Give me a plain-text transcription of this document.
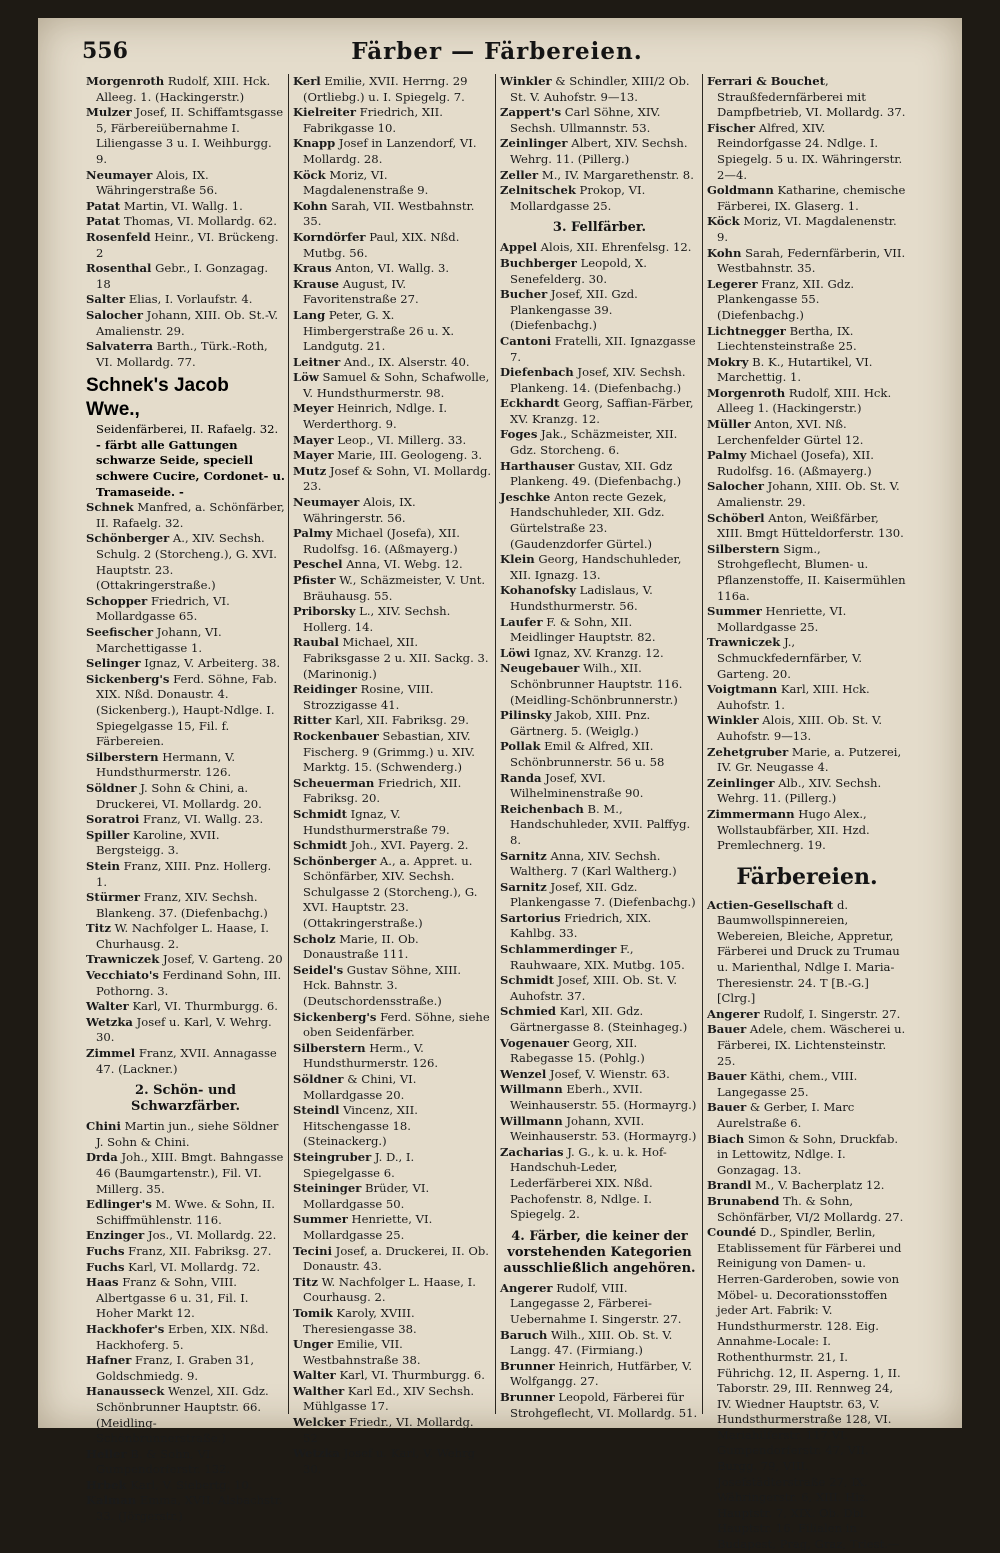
556	Färber — Färbereien.
Morgenroth Rudolf, XIII. Hck. Alleeg. 1. (Hackingerstr.)
Mulzer Josef, II. Schiffamtsgasse 5, Färbereiübernahme I. Liliengasse 3 u. I. Weihburgg. 9.
Neumayer Alois, IX. Währingerstraße 56.
Patat Martin, VI. Wallg. 1.
Patat Thomas, VI. Mollardg. 62.
Rosenfeld Heinr., VI. Brückeng. 2
Rosenthal Gebr., I. Gonzagag. 18
Salter Elias, I. Vorlaufstr. 4.
Salocher Johann, XIII. Ob. St.-V. Amalienstr. 29.
Salvaterra Barth., Türk.-Roth, VI. Mollardg. 77.
Schnek's Jacob Wwe.,
Seidenfärberei, II. Rafaelg. 32.
- färbt alle Gattungen schwarze Seide, speciell schwere Cucire, Cordonet- u. Tramaseide. -
Schnek Manfred, a. Schönfärber, II. Rafaelg. 32.
Schönberger A., XIV. Sechsh. Schulg. 2 (Storcheng.), G. XVI. Hauptstr. 23. (Ottakringerstraße.)
Schopper Friedrich, VI. Mollardgasse 65.
Seefischer Johann, VI. Marchettigasse 1.
Selinger Ignaz, V. Arbeiterg. 38.
Sickenberg's Ferd. Söhne, Fab. XIX. Nßd. Donaustr. 4. (Sickenberg.), Haupt-Ndlge. I. Spiegelgasse 15, Fil. f. Färbereien.
Silberstern Hermann, V. Hundsthurmerstr. 126.
Söldner J. Sohn & Chini, a. Druckerei, VI. Mollardg. 20.
Soratroi Franz, VI. Wallg. 23.
Spiller Karoline, XVII. Bergsteigg. 3.
Stein Franz, XIII. Pnz. Hollerg. 1.
Stürmer Franz, XIV. Sechsh. Blankeng. 37. (Diefenbachg.)
Titz W. Nachfolger L. Haase, I. Churhausg. 2.
Trawniczek Josef, V. Garteng. 20
Vecchiato's Ferdinand Sohn, III. Pothorng. 3.
Walter Karl, VI. Thurmburgg. 6.
Wetzka Josef u. Karl, V. Wehrg. 30.
Zimmel Franz, XVII. Annagasse 47. (Lackner.)
2. Schön- und Schwarzfärber.
Chini Martin jun., siehe Söldner J. Sohn & Chini.
Drda Joh., XIII. Bmgt. Bahngasse 46 (Baumgartenstr.), Fil. VI. Millerg. 35.
Edlinger's M. Wwe. & Sohn, II. Schiffmühlenstr. 116.
Enzinger Jos., VI. Mollardg. 22.
Fuchs Franz, XII. Fabriksg. 27.
Fuchs Karl, VI. Mollardg. 72.
Haas Franz & Sohn, VIII. Albertgasse 6 u. 31, Fil. I. Hoher Markt 12.
Hackhofer's Erben, XIX. Nßd. Hackhoferg. 5.
Hafner Franz, I. Graben 31, Goldschmiedg. 9.
Hanausseck Wenzel, XII. Gdz. Schönbrunner Hauptstr. 66. (Meidling-Schönbrunnerstraße.)
Heller B. & Sohn, VI. Gumpendorferstr. 132.
Hrbek Karl, V. Siebertg. 10.
Kalman Emma, XVII. Alsbachstr. 33. (Jörgerstr.)
Kerl Emilie, XVII. Herrng. 29 (Ortliebg.) u. I. Spiegelg. 7.
Kielreiter Friedrich, XII. Fabrikgasse 10.
Knapp Josef in Lanzendorf, VI. Mollardg. 28.
Köck Moriz, VI. Magdalenenstraße 9.
Kohn Sarah, VII. Westbahnstr. 35.
Korndörfer Paul, XIX. Nßd. Mutbg. 56.
Kraus Anton, VI. Wallg. 3.
Krause August, IV. Favoritenstraße 27.
Lang Peter, G. X. Himbergerstraße 26 u. X. Landgutg. 21.
Leitner And., IX. Alserstr. 40.
Löw Samuel & Sohn, Schafwolle, V. Hundsthurmerstr. 98.
Meyer Heinrich, Ndlge. I. Werderthorg. 9.
Mayer Leop., VI. Millerg. 33.
Mayer Marie, III. Geologeng. 3.
Mutz Josef & Sohn, VI. Mollardg. 23.
Neumayer Alois, IX. Währingerstr. 56.
Palmy Michael (Josefa), XII. Rudolfsg. 16. (Aßmayerg.)
Peschel Anna, VI. Webg. 12.
Pfister W., Schäzmeister, V. Unt. Bräuhausg. 55.
Priborsky L., XIV. Sechsh. Hollerg. 14.
Raubal Michael, XII. Fabriksgasse 2 u. XII. Sackg. 3. (Marinonig.)
Reidinger Rosine, VIII. Strozzigasse 41.
Ritter Karl, XII. Fabriksg. 29.
Rockenbauer Sebastian, XIV. Fischerg. 9 (Grimmg.) u. XIV. Marktg. 15. (Schwenderg.)
Scheuerman Friedrich, XII. Fabriksg. 20.
Schmidt Ignaz, V. Hundsthurmerstraße 79.
Schmidt Joh., XVI. Payerg. 2.
Schönberger A., a. Appret. u. Schönfärber, XIV. Sechsh. Schulgasse 2 (Storcheng.), G. XVI. Hauptstr. 23. (Ottakringerstraße.)
Scholz Marie, II. Ob. Donaustraße 111.
Seidel's Gustav Söhne, XIII. Hck. Bahnstr. 3. (Deutschordensstraße.)
Sickenberg's Ferd. Söhne, siehe oben Seidenfärber.
Silberstern Herm., V. Hundsthurmerstr. 126.
Söldner & Chini, VI. Mollardgasse 20.
Steindl Vincenz, XII. Hitschengasse 18. (Steinackerg.)
Steingruber J. D., I. Spiegelgasse 6.
Steininger Brüder, VI. Mollardgasse 50.
Summer Henriette, VI. Mollardgasse 25.
Tecini Josef, a. Druckerei, II. Ob. Donaustr. 43.
Titz W. Nachfolger L. Haase, I. Courhausg. 2.
Tomik Karoly, XVIII. Theresiengasse 38.
Unger Emilie, VII. Westbahnstraße 38.
Walter Karl, VI. Thurmburgg. 6.
Walther Karl Ed., XIV Sechsh. Mühlgasse 17.
Welcker Friedr., VI. Mollardg. 52
Wetzka Josef u. Karl, V. Wehrg 30.
Winkler & Schindler, XIII/2 Ob. St. V. Auhofstr. 9—13.
Zappert's Carl Söhne, XIV. Sechsh. Ullmannstr. 53.
Zeinlinger Albert, XIV. Sechsh. Wehrg. 11. (Pillerg.)
Zeller M., IV. Margarethenstr. 8.
Zelnitschek Prokop, VI. Mollardgasse 25.
3. Fellfärber.
Appel Alois, XII. Ehrenfelsg. 12.
Buchberger Leopold, X. Senefelderg. 30.
Bucher Josef, XII. Gzd. Plankengasse 39. (Diefenbachg.)
Cantoni Fratelli, XII. Ignazgasse 7.
Diefenbach Josef, XIV. Sechsh. Plankeng. 14. (Diefenbachg.)
Eckhardt Georg, Saffian-Färber, XV. Kranzg. 12.
Foges Jak., Schäzmeister, XII. Gdz. Storcheng. 6.
Harthauser Gustav, XII. Gdz Plankeng. 49. (Diefenbachg.)
Jeschke Anton recte Gezek, Handschuhleder, XII. Gdz. Gürtelstraße 23. (Gaudenzdorfer Gürtel.)
Klein Georg, Handschuhleder, XII. Ignazg. 13.
Kohanofsky Ladislaus, V. Hundsthurmerstr. 56.
Laufer F. & Sohn, XII. Meidlinger Hauptstr. 82.
Löwi Ignaz, XV. Kranzg. 12.
Neugebauer Wilh., XII. Schönbrunner Hauptstr. 116. (Meidling-Schönbrunnerstr.)
Pilinsky Jakob, XIII. Pnz. Gärtnerg. 5. (Weiglg.)
Pollak Emil & Alfred, XII. Schönbrunnerstr. 56 u. 58
Randa Josef, XVI. Wilhelminenstraße 90.
Reichenbach B. M., Handschuhleder, XVII. Palffyg. 8.
Sarnitz Anna, XIV. Sechsh. Waltherg. 7 (Karl Waltherg.)
Sarnitz Josef, XII. Gdz. Plankengasse 7. (Diefenbachg.)
Sartorius Friedrich, XIX. Kahlbg. 33.
Schlammerdinger F., Rauhwaare, XIX. Mutbg. 105.
Schmidt Josef, XIII. Ob. St. V. Auhofstr. 37.
Schmied Karl, XII. Gdz. Gärtnergasse 8. (Steinhageg.)
Vogenauer Georg, XII. Rabegasse 15. (Pohlg.)
Wenzel Josef, V. Wienstr. 63.
Willmann Eberh., XVII. Weinhauserstr. 55. (Hormayrg.)
Willmann Johann, XVII. Weinhauserstr. 53. (Hormayrg.)
Zacharias J. G., k. u. k. Hof-Handschuh-Leder, Lederfärberei XIX. Nßd. Pachofenstr. 8, Ndlge. I. Spiegelg. 2.
4. Färber, die keiner der vorstehenden Kategorien ausschließlich angehören.
Angerer Rudolf, VIII. Langegasse 2, Färberei-Uebernahme I. Singerstr. 27.
Baruch Wilh., XIII. Ob. St. V. Langg. 47. (Firmiang.)
Brunner Heinrich, Hutfärber, V. Wolfgangg. 27.
Brunner Leopold, Färberei für Strohgeflecht, VI. Mollardg. 51.
Ferrari & Bouchet, Straußfedernfärberei mit Dampfbetrieb, VI. Mollardg. 37.
Fischer Alfred, XIV. Reindorfgasse 24. Ndlge. I. Spiegelg. 5 u. IX. Währingerstr. 2—4.
Goldmann Katharine, chemische Färberei, IX. Glaserg. 1.
Köck Moriz, VI. Magdalenenstr. 9.
Kohn Sarah, Federnfärberin, VII. Westbahnstr. 35.
Legerer Franz, XII. Gdz. Plankengasse 55. (Diefenbachg.)
Lichtnegger Bertha, IX. Liechtensteinstraße 25.
Mokry B. K., Hutartikel, VI. Marchettig. 1.
Morgenroth Rudolf, XIII. Hck. Alleeg 1. (Hackingerstr.)
Müller Anton, XVI. Nß. Lerchenfelder Gürtel 12.
Palmy Michael (Josefa), XII. Rudolfsg. 16. (Aßmayerg.)
Salocher Johann, XIII. Ob. St. V. Amalienstr. 29.
Schöberl Anton, Weißfärber, XIII. Bmgt Hütteldorferstr. 130.
Silberstern Sigm., Strohgeflecht, Blumen- u. Pflanzenstoffe, II. Kaisermühlen 116a.
Summer Henriette, VI. Mollardgasse 25.
Trawniczek J., Schmuckfedernfärber, V. Garteng. 20.
Voigtmann Karl, XIII. Hck. Auhofstr. 1.
Winkler Alois, XIII. Ob. St. V. Auhofstr. 9—13.
Zehetgruber Marie, a. Putzerei, IV. Gr. Neugasse 4.
Zeinlinger Alb., XIV. Sechsh. Wehrg. 11. (Pillerg.)
Zimmermann Hugo Alex., Wollstaubfärber, XII. Hzd. Premlechnerg. 19.
Färbereien.
Actien-Gesellschaft d. Baumwollspinnereien, Webereien, Bleiche, Appretur, Färberei und Druck zu Trumau u. Marienthal, Ndlge I. Maria-Theresienstr. 24. T [B.-G.] [Clrg.]
Angerer Rudolf, I. Singerstr. 27.
Bauer Adele, chem. Wäscherei u. Färberei, IX. Lichtensteinstr. 25.
Bauer Käthi, chem., VIII. Langegasse 25.
Bauer & Gerber, I. Marc Aurelstraße 6.
Biach Simon & Sohn, Druckfab. in Lettowitz, Ndlge. I. Gonzagag. 13.
Brandl M., V. Bacherplatz 12.
Brunabend Th. & Sohn, Schönfärber, VI/2 Mollardg. 27.
Coundé D., Spindler, Berlin, Etablissement für Färberei und Reinigung von Damen- u. Herren-Garderoben, sowie von Möbel- u. Decorationsstoffen jeder Art. Fabrik: V. Hundsthurmerstr. 128. Eig. Annahme-Locale: I. Rothenthurmstr. 21, I. Führichg. 12, II. Asperng. 1, II. Taborstr. 29, III. Rennweg 24, IV. Wiedner Hauptstr. 63, V. Hundsthurmerstraße 128, VI. Mariahilferstr. 117 VI. Gumpendorferstr. 47, VII. Burgg. 79, VIII. Josefstädterstraße 27, IX. Währingerstr. 6, XIII. Hiz. Hauptstr. 7, XIX. Ob. Dbl. Hauptstr. 16. Filialen in Budapest, Prag, Graz, Triest.—
